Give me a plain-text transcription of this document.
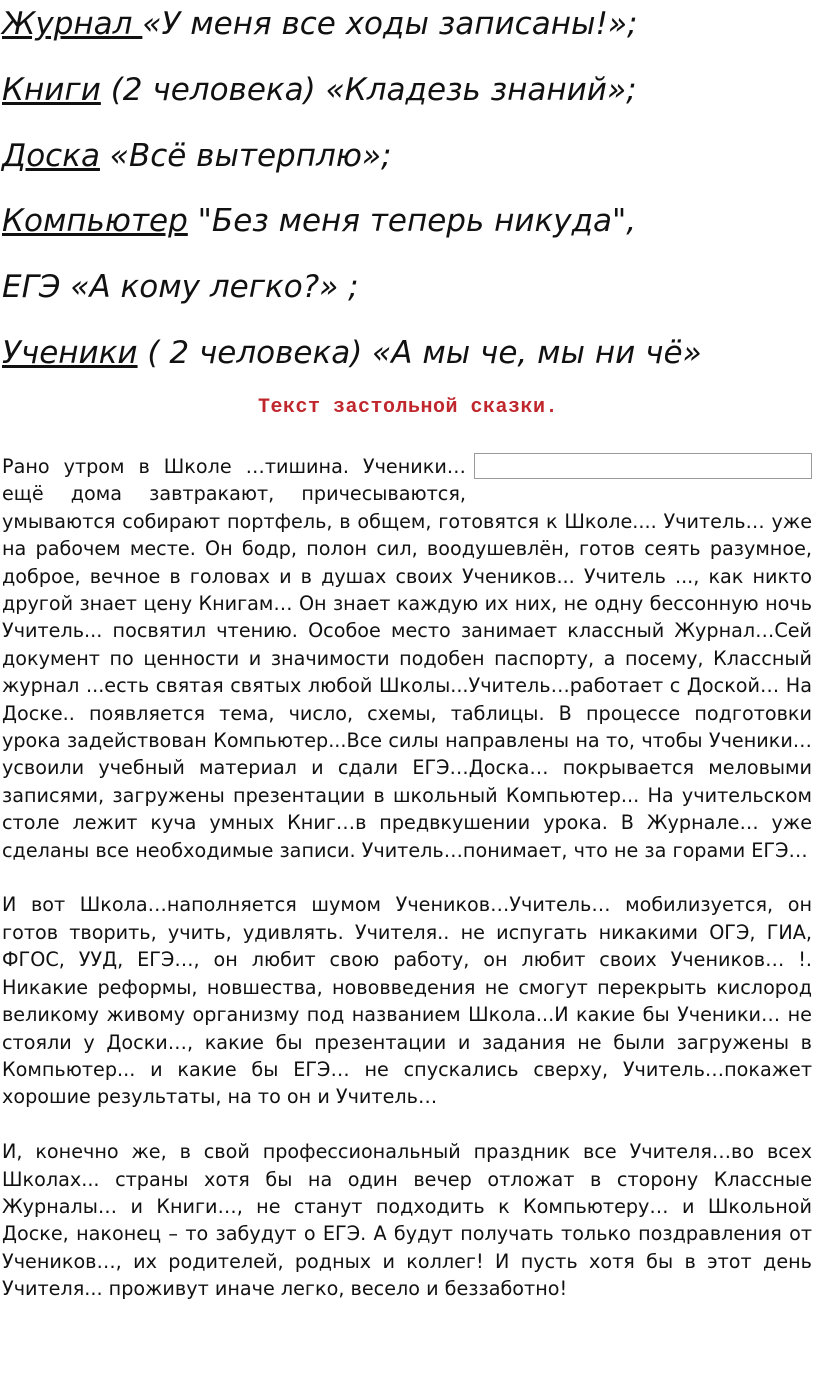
Журнал «У меня все ходы записаны!»;

Книги (2 человека) «Кладезь знаний»;

Доска «Всё вытерплю»;

Компьютер "Без меня теперь никуда",

ЕГЭ «А кому легко?» ;

Ученики ( 2 человека) «А мы че, мы ни чё»

Текст застольной сказки.

Рано утром в Школе …тишина. Ученики…
ещё дома завтракают, причесываются,
умываются собирают портфель, в общем, готовятся к Школе.... Учитель… уже на рабочем месте. Он бодр, полон сил, воодушевлён, готов сеять разумное, доброе, вечное в головах и в душах своих Учеников... Учитель ..., как никто другой знает цену Книгам… Он знает каждую их них, не одну бессонную ночь Учитель... посвятил чтению. Особое место занимает классный Журнал…Сей документ по ценности и значимости подобен паспорту, а посему, Классный журнал ...есть святая святых любой Школы...Учитель…работает с Доской… На Доске.. появляется тема, число, схемы, таблицы. В процессе подготовки урока задействован Компьютер...Все силы направлены на то, чтобы Ученики… усвоили учебный материал и сдали ЕГЭ…Доска… покрывается меловыми записями, загружены презентации в школьный Компьютер... На учительском столе лежит куча умных Книг…в предвкушении урока. В Журнале… уже сделаны все необходимые записи. Учитель…понимает, что не за горами ЕГЭ…

И вот Школа…наполняется шумом Учеников…Учитель… мобилизуется, он готов творить, учить, удивлять. Учителя.. не испугать никакими ОГЭ, ГИА, ФГОС, УУД, ЕГЭ…, он любит свою работу, он любит своих Учеников… !. Никакие реформы, новшества, нововведения не смогут перекрыть кислород великому живому организму под названием Школа...И какие бы Ученики… не стояли у Доски…, какие бы презентации и задания не были загружены в Компьютер... и какие бы ЕГЭ… не спускались сверху, Учитель…покажет хорошие результаты, на то он и Учитель…

И, конечно же, в свой профессиональный праздник все Учителя…во всех Школах... страны хотя бы на один вечер отложат в сторону Классные Журналы… и Книги…, не станут подходить к Компьютеру… и Школьной Доске, наконец – то забудут о ЕГЭ. А будут получать только поздравления от Учеников…, их родителей, родных и коллег! И пусть хотя бы в этот день Учителя... проживут иначе легко, весело и беззаботно!
